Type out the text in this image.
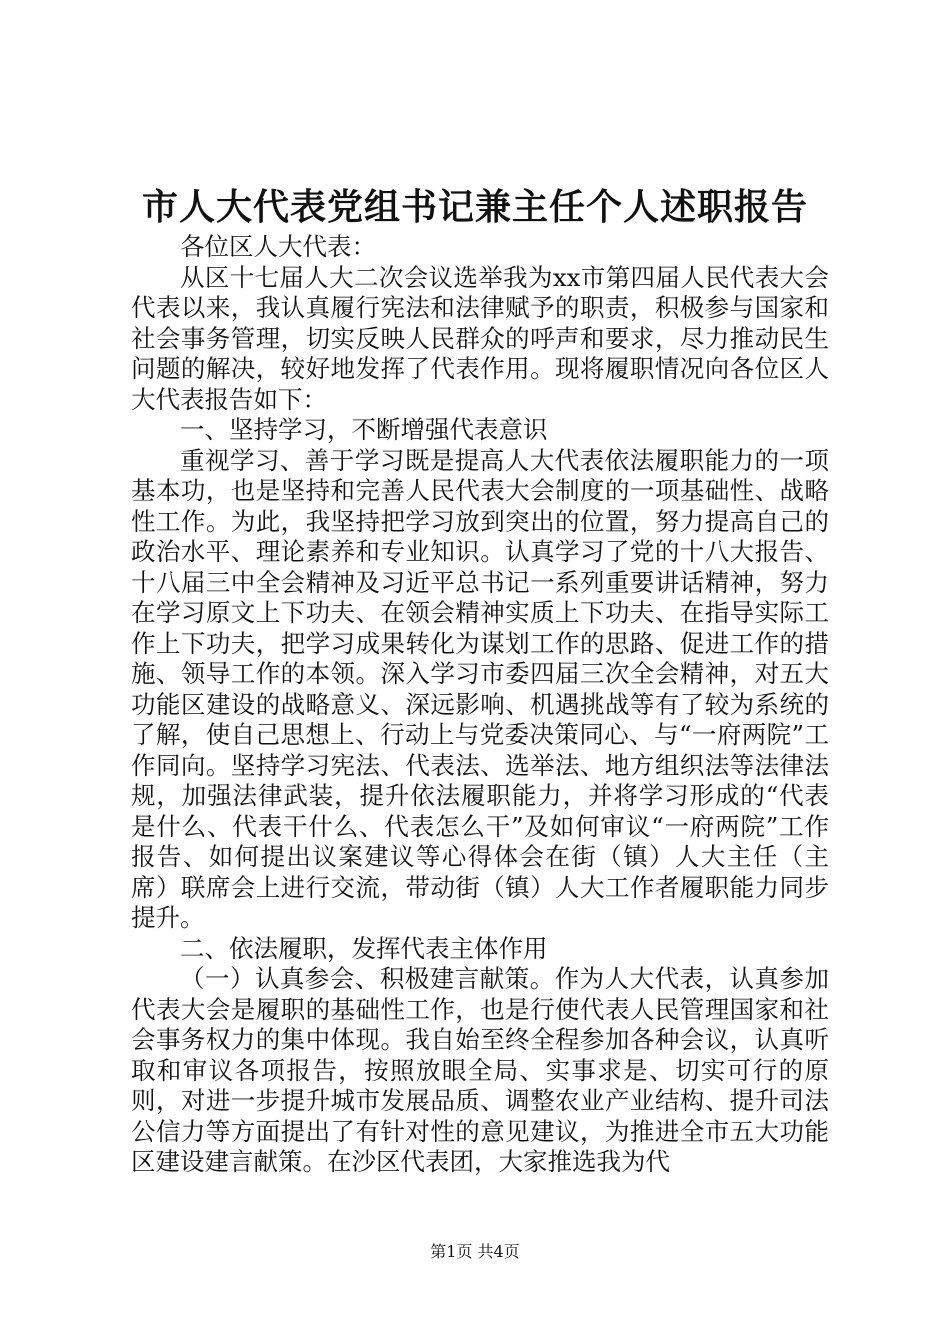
市人大代表党组书记兼主任个人述职报告

各位区人大代表：

从区十七届人大二次会议选举我为xx市第四届人民代表大会代表以来，我认真履行宪法和法律赋予的职责，积极参与国家和社会事务管理，切实反映人民群众的呼声和要求，尽力推动民生问题的解决，较好地发挥了代表作用。现将履职情况向各位区人大代表报告如下：

一、坚持学习，不断增强代表意识

重视学习、善于学习既是提高人大代表依法履职能力的一项基本功，也是坚持和完善人民代表大会制度的一项基础性、战略性工作。为此，我坚持把学习放到突出的位置，努力提高自己的政治水平、理论素养和专业知识。认真学习了党的十八大报告、十八届三中全会精神及习近平总书记一系列重要讲话精神，努力在学习原文上下功夫、在领会精神实质上下功夫、在指导实际工作上下功夫，把学习成果转化为谋划工作的思路、促进工作的措施、领导工作的本领。深入学习市委四届三次全会精神，对五大功能区建设的战略意义、深远影响、机遇挑战等有了较为系统的了解，使自己思想上、行动上与党委决策同心、与“一府两院”工作同向。坚持学习宪法、代表法、选举法、地方组织法等法律法规，加强法律武装，提升依法履职能力，并将学习形成的“代表是什么、代表干什么、代表怎么干”及如何审议“一府两院”工作报告、如何提出议案建议等心得体会在街（镇）人大主任（主席）联席会上进行交流，带动街（镇）人大工作者履职能力同步提升。

二、依法履职，发挥代表主体作用

（一）认真参会、积极建言献策。作为人大代表，认真参加代表大会是履职的基础性工作，也是行使代表人民管理国家和社会事务权力的集中体现。我自始至终全程参加各种会议，认真听取和审议各项报告，按照放眼全局、实事求是、切实可行的原则，对进一步提升城市发展品质、调整农业产业结构、提升司法公信力等方面提出了有针对性的意见建议，为推进全市五大功能区建设建言献策。在沙区代表团，大家推选我为代

第1页 共4页
